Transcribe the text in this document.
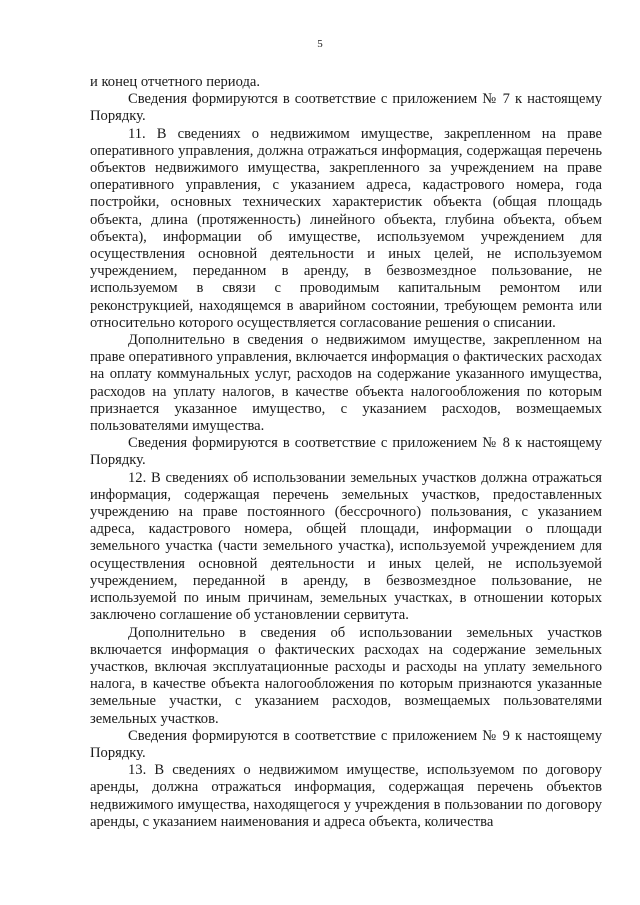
5

и конец отчетного периода.

Сведения формируются в соответствие с приложением № 7 к настоящему Порядку.

11. В сведениях о недвижимом имуществе, закрепленном на праве оперативного управления, должна отражаться информация, содержащая перечень объектов недвижимого имущества, закрепленного за учреждением на праве оперативного управления, с указанием адреса, кадастрового номера, года постройки, основных технических характеристик объекта (общая площадь объекта, длина (протяженность) линейного объекта, глубина объекта, объем объекта), информации об имуществе, используемом учреждением для осуществления основной деятельности и иных целей, не используемом учреждением, переданном в аренду, в безвозмездное пользование, не используемом в связи с проводимым капитальным ремонтом или реконструкцией, находящемся в аварийном состоянии, требующем ремонта или относительно которого осуществляется согласование решения о списании.

Дополнительно в сведения о недвижимом имуществе, закрепленном на праве оперативного управления, включается информация о фактических расходах на оплату коммунальных услуг, расходов на содержание указанного имущества, расходов на уплату налогов, в качестве объекта налогообложения по которым признается указанное имущество, с указанием расходов, возмещаемых пользователями имущества.

Сведения формируются в соответствие с приложением № 8 к настоящему Порядку.

12. В сведениях об использовании земельных участков должна отражаться информация, содержащая перечень земельных участков, предоставленных учреждению на праве постоянного (бессрочного) пользования, с указанием адреса, кадастрового номера, общей площади, информации о площади земельного участка (части земельного участка), используемой учреждением для осуществления основной деятельности и иных целей, не используемой учреждением, переданной в аренду, в безвозмездное пользование, не используемой по иным причинам, земельных участках, в отношении которых заключено соглашение об установлении сервитута.

Дополнительно в сведения об использовании земельных участков включается информация о фактических расходах на содержание земельных участков, включая эксплуатационные расходы и расходы на уплату земельного налога, в качестве объекта налогообложения по которым признаются указанные земельные участки, с указанием расходов, возмещаемых пользователями земельных участков.

Сведения формируются в соответствие с приложением № 9 к настоящему Порядку.

13. В сведениях о недвижимом имуществе, используемом по договору аренды, должна отражаться информация, содержащая перечень объектов недвижимого имущества, находящегося у учреждения в пользовании по договору аренды, с указанием наименования и адреса объекта, количества
